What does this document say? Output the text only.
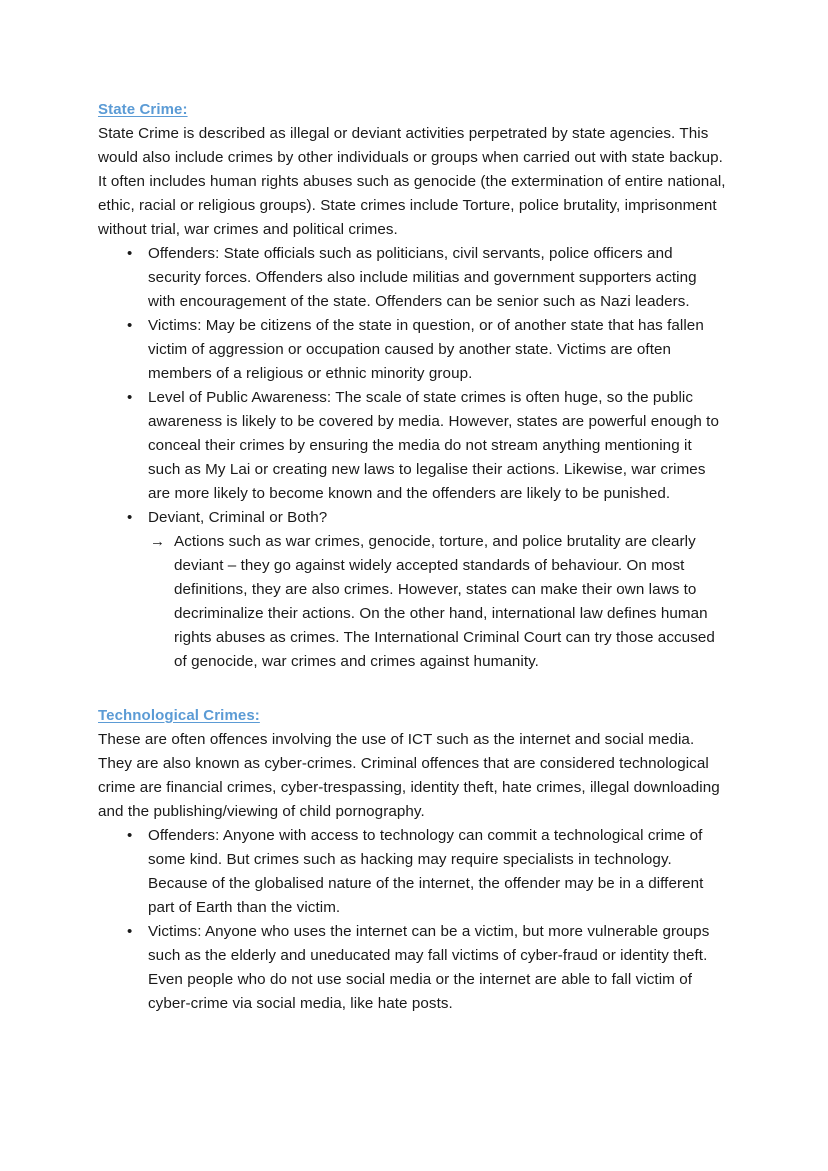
State Crime:

State Crime is described as illegal or deviant activities perpetrated by state agencies. This would also include crimes by other individuals or groups when carried out with state backup. It often includes human rights abuses such as genocide (the extermination of entire national, ethic, racial or religious groups). State crimes include Torture, police brutality, imprisonment without trial, war crimes and political crimes.

•	Offenders: State officials such as politicians, civil servants, police officers and security forces. Offenders also include militias and government supporters acting with encouragement of the state. Offenders can be senior such as Nazi leaders.
•	Victims: May be citizens of the state in question, or of another state that has fallen victim of aggression or occupation caused by another state. Victims are often members of a religious or ethnic minority group.
•	Level of Public Awareness: The scale of state crimes is often huge, so the public awareness is likely to be covered by media. However, states are powerful enough to conceal their crimes by ensuring the media do not stream anything mentioning it such as My Lai or creating new laws to legalise their actions. Likewise, war crimes are more likely to become known and the offenders are likely to be punished.
•	Deviant, Criminal or Both?
→ Actions such as war crimes, genocide, torture, and police brutality are clearly deviant – they go against widely accepted standards of behaviour. On most definitions, they are also crimes. However, states can make their own laws to decriminalize their actions. On the other hand, international law defines human rights abuses as crimes. The International Criminal Court can try those accused of genocide, war crimes and crimes against humanity.
Technological Crimes:

These are often offences involving the use of ICT such as the internet and social media. They are also known as cyber-crimes. Criminal offences that are considered technological crime are financial crimes, cyber-trespassing, identity theft, hate crimes, illegal downloading and the publishing/viewing of child pornography.

•	Offenders: Anyone with access to technology can commit a technological crime of some kind. But crimes such as hacking may require specialists in technology. Because of the globalised nature of the internet, the offender may be in a different part of Earth than the victim.
•	Victims: Anyone who uses the internet can be a victim, but more vulnerable groups such as the elderly and uneducated may fall victims of cyber-fraud or identity theft. Even people who do not use social media or the internet are able to fall victim of cyber-crime via social media, like hate posts.
